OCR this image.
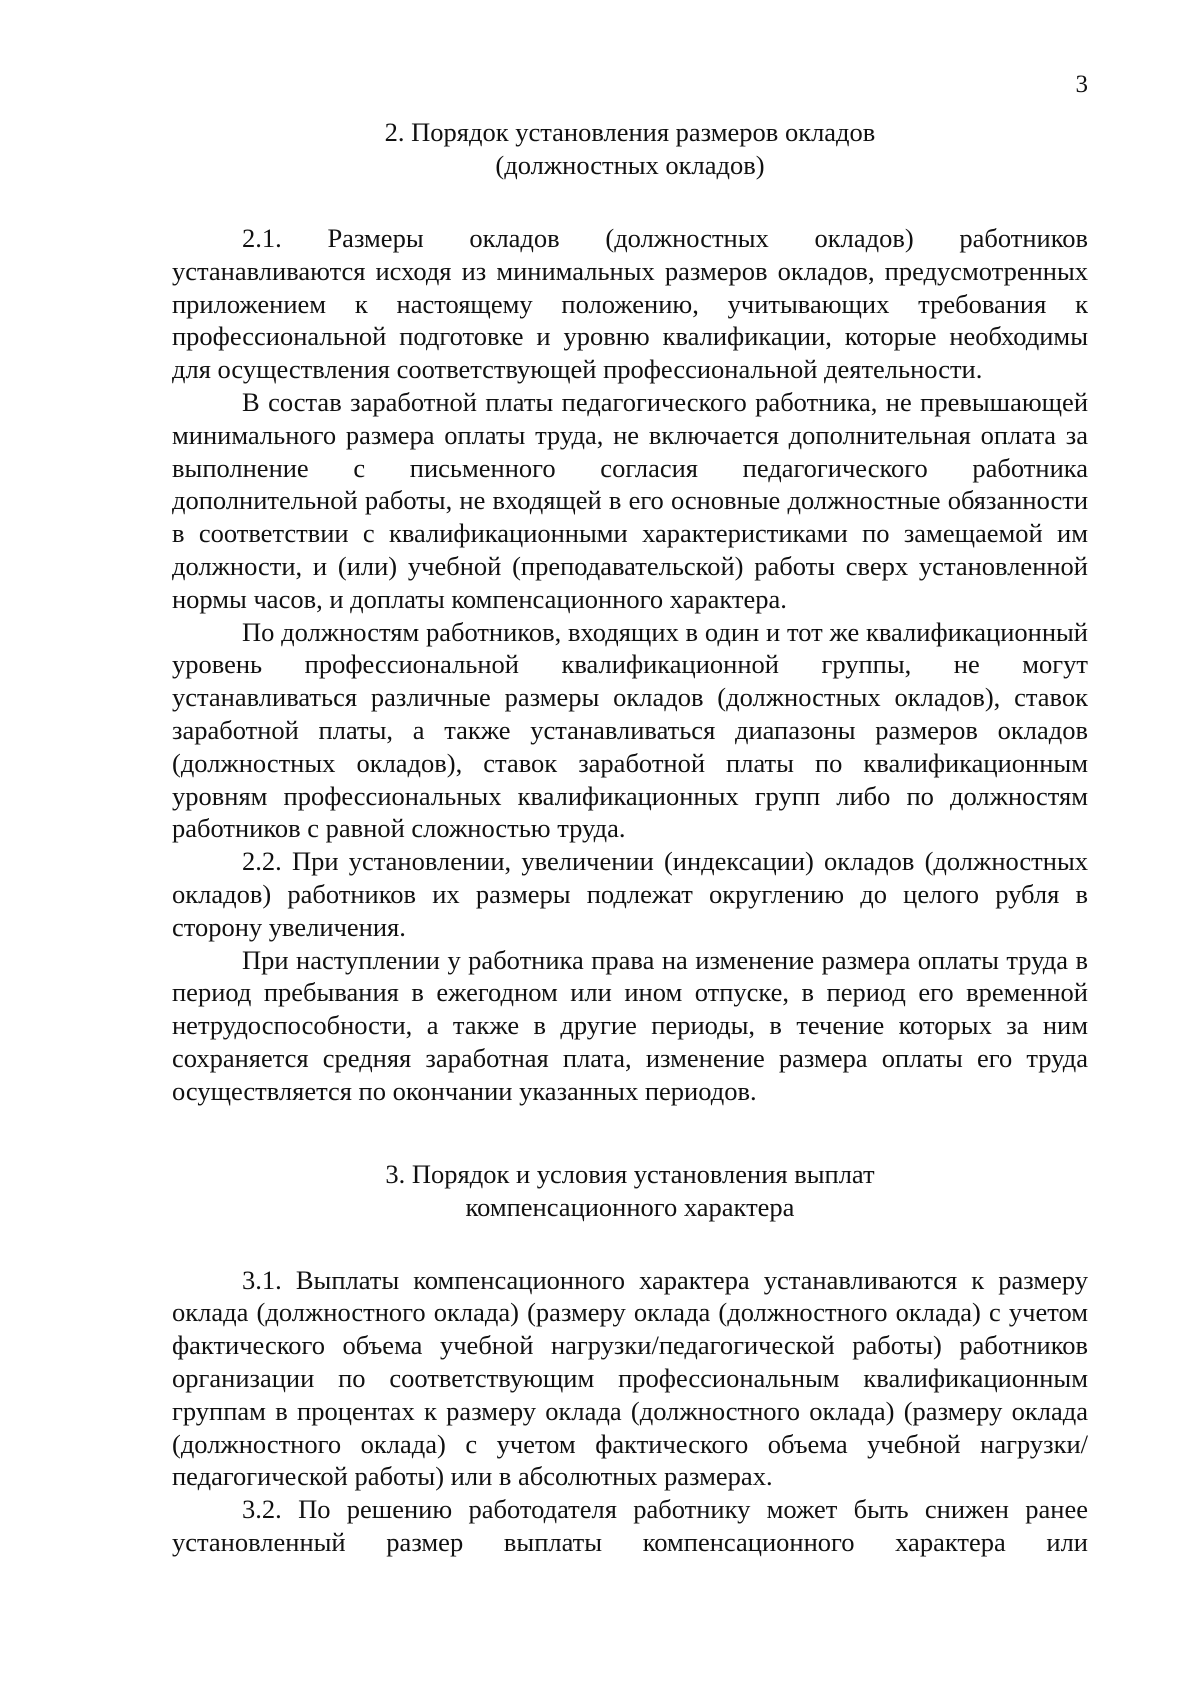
3
2. Порядок установления размеров окладов
(должностных окладов)

2.1. Размеры окладов (должностных окладов) работников устанавливаются исходя из минимальных размеров окладов, предусмотренных приложением к настоящему положению, учитывающих требования к профессиональной подготовке и уровню квалификации, которые необходимы для осуществления соответствующей профессиональной деятельности.

В состав заработной платы педагогического работника, не превышающей минимального размера оплаты труда, не включается дополнительная оплата за выполнение с письменного согласия педагогического работника дополнительной работы, не входящей в его основные должностные обязанности в соответствии с квалификационными характеристиками по замещаемой им должности, и (или) учебной (преподавательской) работы сверх установленной нормы часов, и доплаты компенсационного характера.

По должностям работников, входящих в один и тот же квалификационный уровень профессиональной квалификационной группы, не могут устанавливаться различные размеры окладов (должностных окладов), ставок заработной платы, а также устанавливаться диапазоны размеров окладов (должностных окладов), ставок заработной платы по квалификационным уровням профессиональных квалификационных групп либо по должностям работников с равной сложностью труда.

2.2. При установлении, увеличении (индексации) окладов (должностных окладов) работников их размеры подлежат округлению до целого рубля в сторону увеличения.

При наступлении у работника права на изменение размера оплаты труда в период пребывания в ежегодном или ином отпуске, в период его временной нетрудоспособности, а также в другие периоды, в течение которых за ним сохраняется средняя заработная плата, изменение размера оплаты его труда осуществляется по окончании указанных периодов.

3. Порядок и условия установления выплат
компенсационного характера

3.1. Выплаты компенсационного характера устанавливаются к размеру оклада (должностного оклада) (размеру оклада (должностного оклада) с учетом фактического объема учебной нагрузки/педагогической работы) работников организации по соответствующим профессиональным квалификационным группам в процентах к размеру оклада (должностного оклада) (размеру оклада (должностного оклада) с учетом фактического объема учебной нагрузки/педагогической работы) или в абсолютных размерах.

3.2. По решению работодателя работнику может быть снижен ранее установленный размер выплаты компенсационного характера или
